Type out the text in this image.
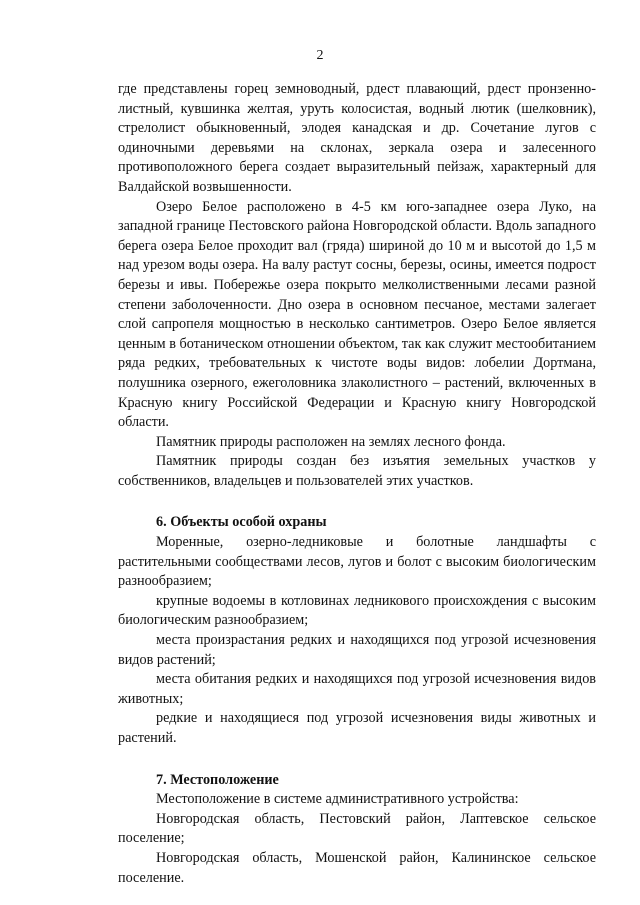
2

где представлены горец земноводный, рдест плавающий, рдест пронзенно-листный, кувшинка желтая, уруть колосистая, водный лютик (шелковник), стрелолист обыкновенный, элодея канадская и др. Сочетание лугов с одиночными деревьями на склонах, зеркала озера и залесенного противоположного берега создает выразительный пейзаж, характерный для Валдайской возвышенности.

Озеро Белое расположено в 4-5 км юго-западнее озера Луко, на западной границе Пестовского района Новгородской области. Вдоль западного берега озера Белое проходит вал (гряда) шириной до 10 м и высотой до 1,5 м над урезом воды озера. На валу растут сосны, березы, осины, имеется подрост березы и ивы. Побережье озера покрыто мелколиственными лесами разной степени заболоченности. Дно озера в основном песчаное, местами залегает слой сапропеля мощностью в несколько сантиметров. Озеро Белое является ценным в ботаническом отношении объектом, так как служит местообитанием ряда редких, требовательных к чистоте воды видов: лобелии Дортмана, полушника озерного, ежеголовника злаколистного – растений, включенных в Красную книгу Российской Федерации и Красную книгу Новгородской области.

Памятник природы расположен на землях лесного фонда.

Памятник природы создан без изъятия земельных участков у собственников, владельцев и пользователей этих участков.

6. Объекты особой охраны

Моренные, озерно-ледниковые и болотные ландшафты с растительными сообществами лесов, лугов и болот с высоким биологическим разнообразием;

крупные водоемы в котловинах ледникового происхождения с высоким биологическим разнообразием;

места произрастания редких и находящихся под угрозой исчезновения видов растений;

места обитания редких и находящихся под угрозой исчезновения видов животных;

редкие и находящиеся под угрозой исчезновения виды животных и растений.

7. Местоположение

Местоположение в системе административного устройства:

Новгородская область, Пестовский район, Лаптевское сельское поселение;

Новгородская область, Мошенской район, Калининское сельское поселение.
